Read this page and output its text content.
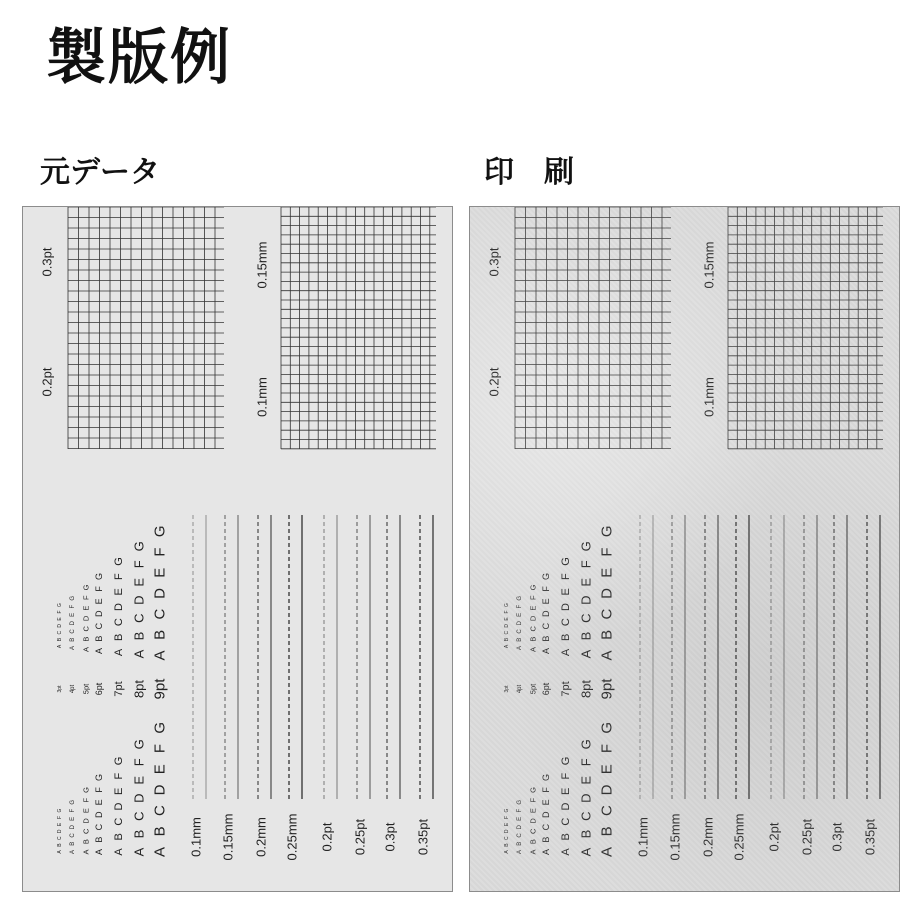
製版例
元データ	印刷
0.3pt
0.2pt
0.15mm
0.1mm
A
B
C
D
E
F
G
3pt
A
B
C
D
E
F
G
A
B
C
D
E
F
G
4pt
A
B
C
D
E
F
G
A
B
C
D
E
F
G
5pt
A
B
C
D
E
F
G
A
B
C
D
E
F
G
6pt
A
B
C
D
E
F
G
A
B
C
D
E
F
G
7pt
A
B
C
D
E
F
G
A
B
C
D
E
F
G
8pt
A
B
C
D
E
F
G
A
B
C
D
E
F
G
9pt
A
B
C
D
E
F
G
0.1mm 0.15mm 0.2mm 0.25mm 0.2pt 0.25pt 0.3pt 0.35pt
0.3pt
0.2pt
0.15mm
0.1mm
A
B
C
D
E
F
G
3pt
A
B
C
D
E
F
G
A
B
C
D
E
F
G
4pt
A
B
C
D
E
F
G
A
B
C
D
E
F
G
5pt
A
B
C
D
E
F
G
A
B
C
D
E
F
G
6pt
A
B
C
D
E
F
G
A
B
C
D
E
F
G
7pt
A
B
C
D
E
F
G
A
B
C
D
E
F
G
8pt
A
B
C
D
E
F
G
A
B
C
D
E
F
G
9pt
A
B
C
D
E
F
G
0.1mm 0.15mm 0.2mm 0.25mm 0.2pt 0.25pt 0.3pt 0.35pt
